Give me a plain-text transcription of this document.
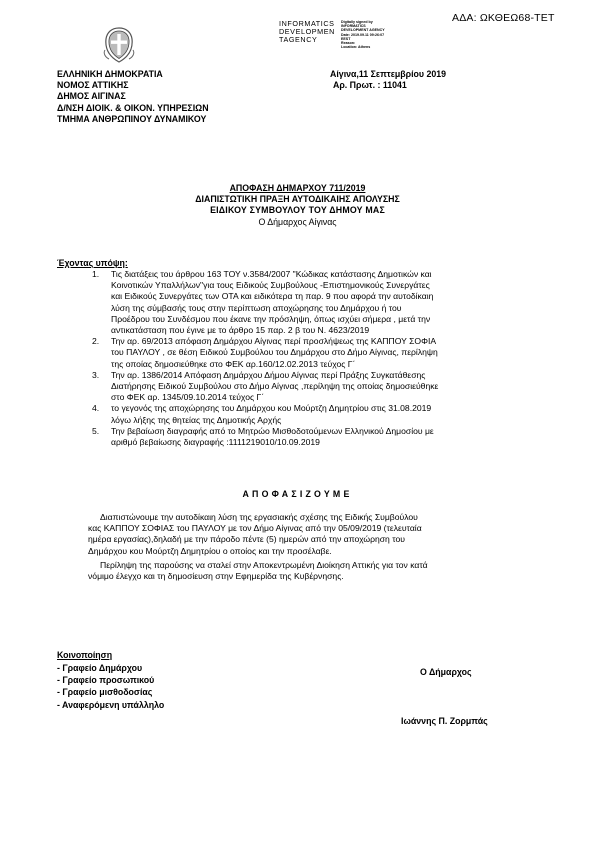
ΑΔΑ: ΩΚΘΕΩ68-ΤΕΤ
INFORMATICS
DEVELOPMEN
TAGENCY
Digitally signed by
INFORMATICS
DEVELOPMENT AGENCY
Date: 2019.09.11 09:26:07
EEST
Reason:
Location: Athens
ΕΛΛΗΝΙΚΗ ΔΗΜΟΚΡΑΤΙΑ
ΝΟΜΟΣ ΑΤΤΙΚΗΣ
ΔΗΜΟΣ ΑΙΓΙΝΑΣ
Δ/ΝΣΗ ΔΙΟΙΚ. & ΟΙΚΟΝ. ΥΠΗΡΕΣΙΩΝ
ΤΜΗΜΑ ΑΝΘΡΩΠΙΝΟΥ ΔΥΝΑΜΙΚΟΥ
Αίγινα,11 Σεπτεμβρίου 2019
Αρ. Πρωτ. : 11041
ΑΠΟΦΑΣΗ ΔΗΜΑΡΧΟΥ 711/2019
ΔΙΑΠΙΣΤΩΤΙΚΗ ΠΡΑΞΗ ΑΥΤΟΔΙΚΑΙΗΣ ΑΠΟΛΥΣΗΣ
ΕΙΔΙΚΟΥ ΣΥΜΒΟΥΛΟΥ ΤΟΥ ΔΗΜΟΥ ΜΑΣ
Ο Δήμαρχος Αίγινας
Έχοντας υπόψη:
1.	Τις διατάξεις του άρθρου 163 ΤΟΥ ν.3584/2007 "Κώδικας κατάστασης Δημοτικών και
Κοινοτικών Υπαλλήλων"για τους Ειδικούς Συμβούλους -Επιστημονικούς Συνεργάτες
και Ειδικούς Συνεργάτες των ΟΤΑ και ειδικότερα τη παρ. 9 που αφορά την αυτοδίκαιη
λύση της σύμβασής τους στην περίπτωση αποχώρησης του Δημάρχου ή του
Προέδρου του Συνδέσμου που έκανε την πρόσληψη, όπως ισχύει σήμερα , μετά την
αντικατάσταση που έγινε με το άρθρο 15 παρ. 2 β του Ν. 4623/2019
2.	Την αρ. 69/2013 απόφαση Δημάρχου Αίγινας περί προσλήψεως της ΚΑΠΠΟΥ ΣΟΦΙΑ
του ΠΑΥΛΟΥ , σε θέση Ειδικού Συμβούλου του Δημάρχου στο Δήμο Αίγινας, περίληψη
της οποίας δημοσιεύθηκε στο ΦΕΚ αρ.160/12.02.2013 τεύχος Γ΄
3.	Την αρ. 1386/2014 Απόφαση Δημάρχου Δήμου Αίγινας περί Πράξης Συγκατάθεσης
Διατήρησης Ειδικού Συμβούλου στο Δήμο Αίγινας ,περίληψη της οποίας δημοσιεύθηκε
στο ΦΕΚ αρ. 1345/09.10.2014 τεύχος Γ΄
4.	το γεγονός της αποχώρησης του Δημάρχου κου Μούρτζη Δημητρίου στις 31.08.2019
λόγω λήξης της θητείας της Δημοτικής Αρχής
5.	Την βεβαίωση διαγραφής από το Μητρώο Μισθοδοτούμενων Ελληνικού Δημοσίου με
αριθμό βεβαίωσης διαγραφής :1111219010/10.09.2019
ΑΠΟΦΑΣΙΖΟΥΜΕ
Διαπιστώνουμε την αυτοδίκαιη λύση της εργασιακής σχέσης της Ειδικής Συμβούλου
κας ΚΑΠΠΟΥ ΣΟΦΙΑΣ του ΠΑΥΛΟΥ με τον Δήμο Αίγινας από την 05/09/2019 (τελευταία
ημέρα εργασίας),δηλαδή με την πάροδο πέντε (5) ημερών από την αποχώρηση του
Δημάρχου κου Μούρτζη Δημητρίου ο οποίος και την προσέλαβε.
Περίληψη της παρούσης να σταλεί στην Αποκεντρωμένη Διοίκηση Αττικής για τον κατά
νόμιμο έλεγχο και τη δημοσίευση στην Εφημερίδα της Κυβέρνησης.
Κοινοποίηση
- Γραφείο Δημάρχου
- Γραφείο προσωπικού
- Γραφείο μισθοδοσίας
- Αναφερόμενη υπάλληλο
Ο Δήμαρχος
Ιωάννης Π. Ζορμπάς
